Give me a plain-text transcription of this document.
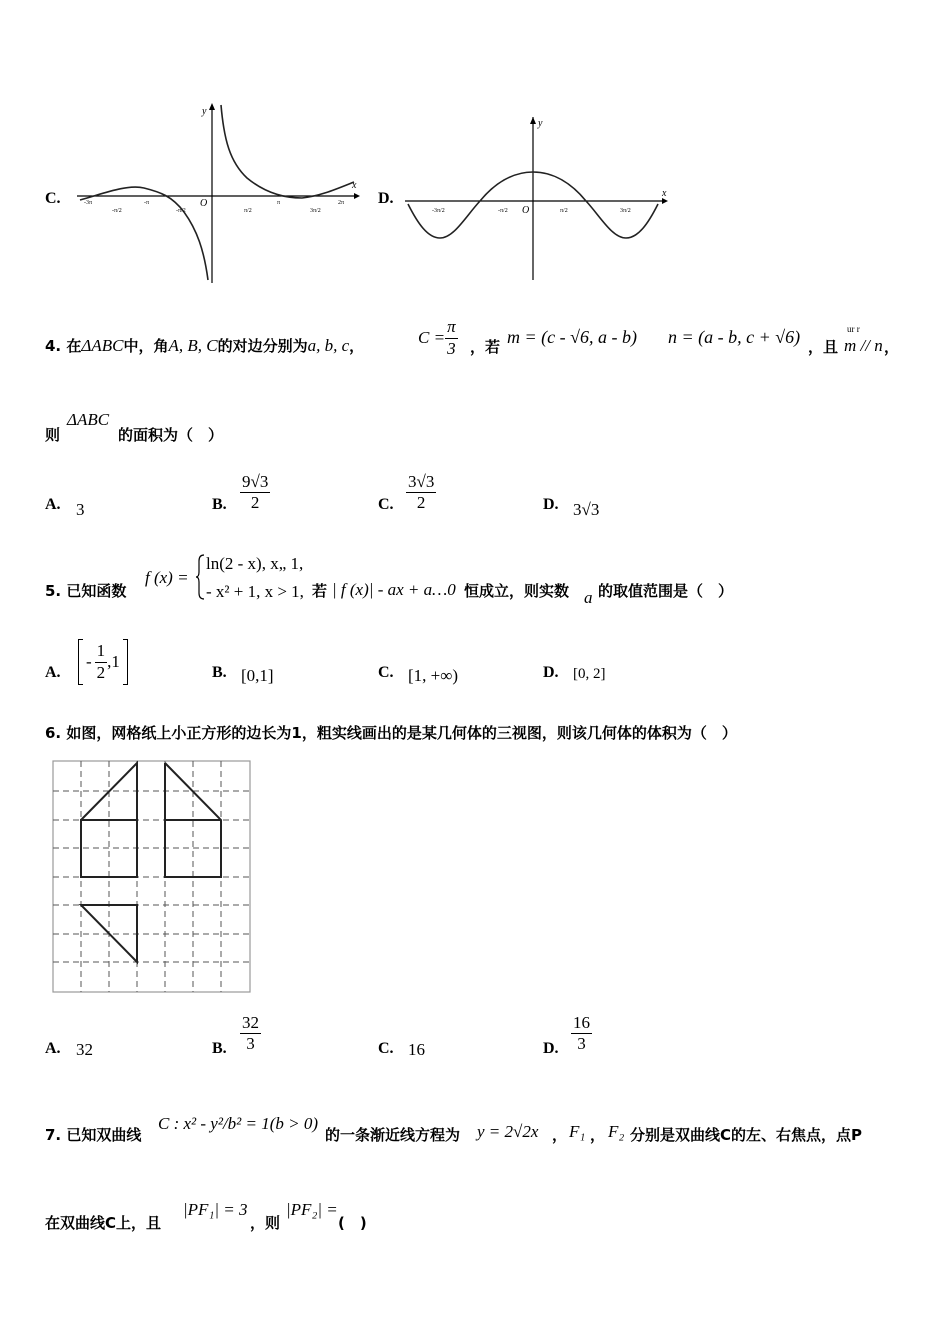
C.
y
x
O
-3π
-π/2
-π
-π/2	π/2
π
3π/2
2π D.
y
x
O
-3π/2	-π/2	π/2	3π/2
4. 在ΔABC中，角A, B, C的对边分别为a, b, c，	$C = \frac{\pi}{3}$ ，若 m = (c - √6, a - b) n = (a - b, c + √6) ，且
ur r
m // n ，
则
ΔABC
的面积为（　）
A. 3	B. $\frac{9√3}{2}$	C. $\frac{3√3}{2}$	D. 3√3
5. 已知函数
f (x) =
ln(2 - x), x„ 1,
- x² + 1, x > 1, 若 | f (x)| - ax + a…0 恒成立，则实数 a 的取值范围是（　）
A.
- $\frac{1}{2} ,1$
B. [0,1]	C. [1, +∞)	D. [0, 2]
6. 如图，网格纸上小正方形的边长为1，粗实线画出的是某几何体的三视图，则该几何体的体积为（　）
A. 32	B. $\frac{32}{3}$	C. 16	D. $\frac{16}{3}$
7. 已知双曲线
C : x² - y²/b² = 1(b > 0)
的一条渐近线方程为 y = 2√2x ， F₁ ， F₂ 分别是双曲线C的左、右焦点，点P
在双曲线C上，且
|PF₁| = 3
，则
|PF₂| =
(　)
